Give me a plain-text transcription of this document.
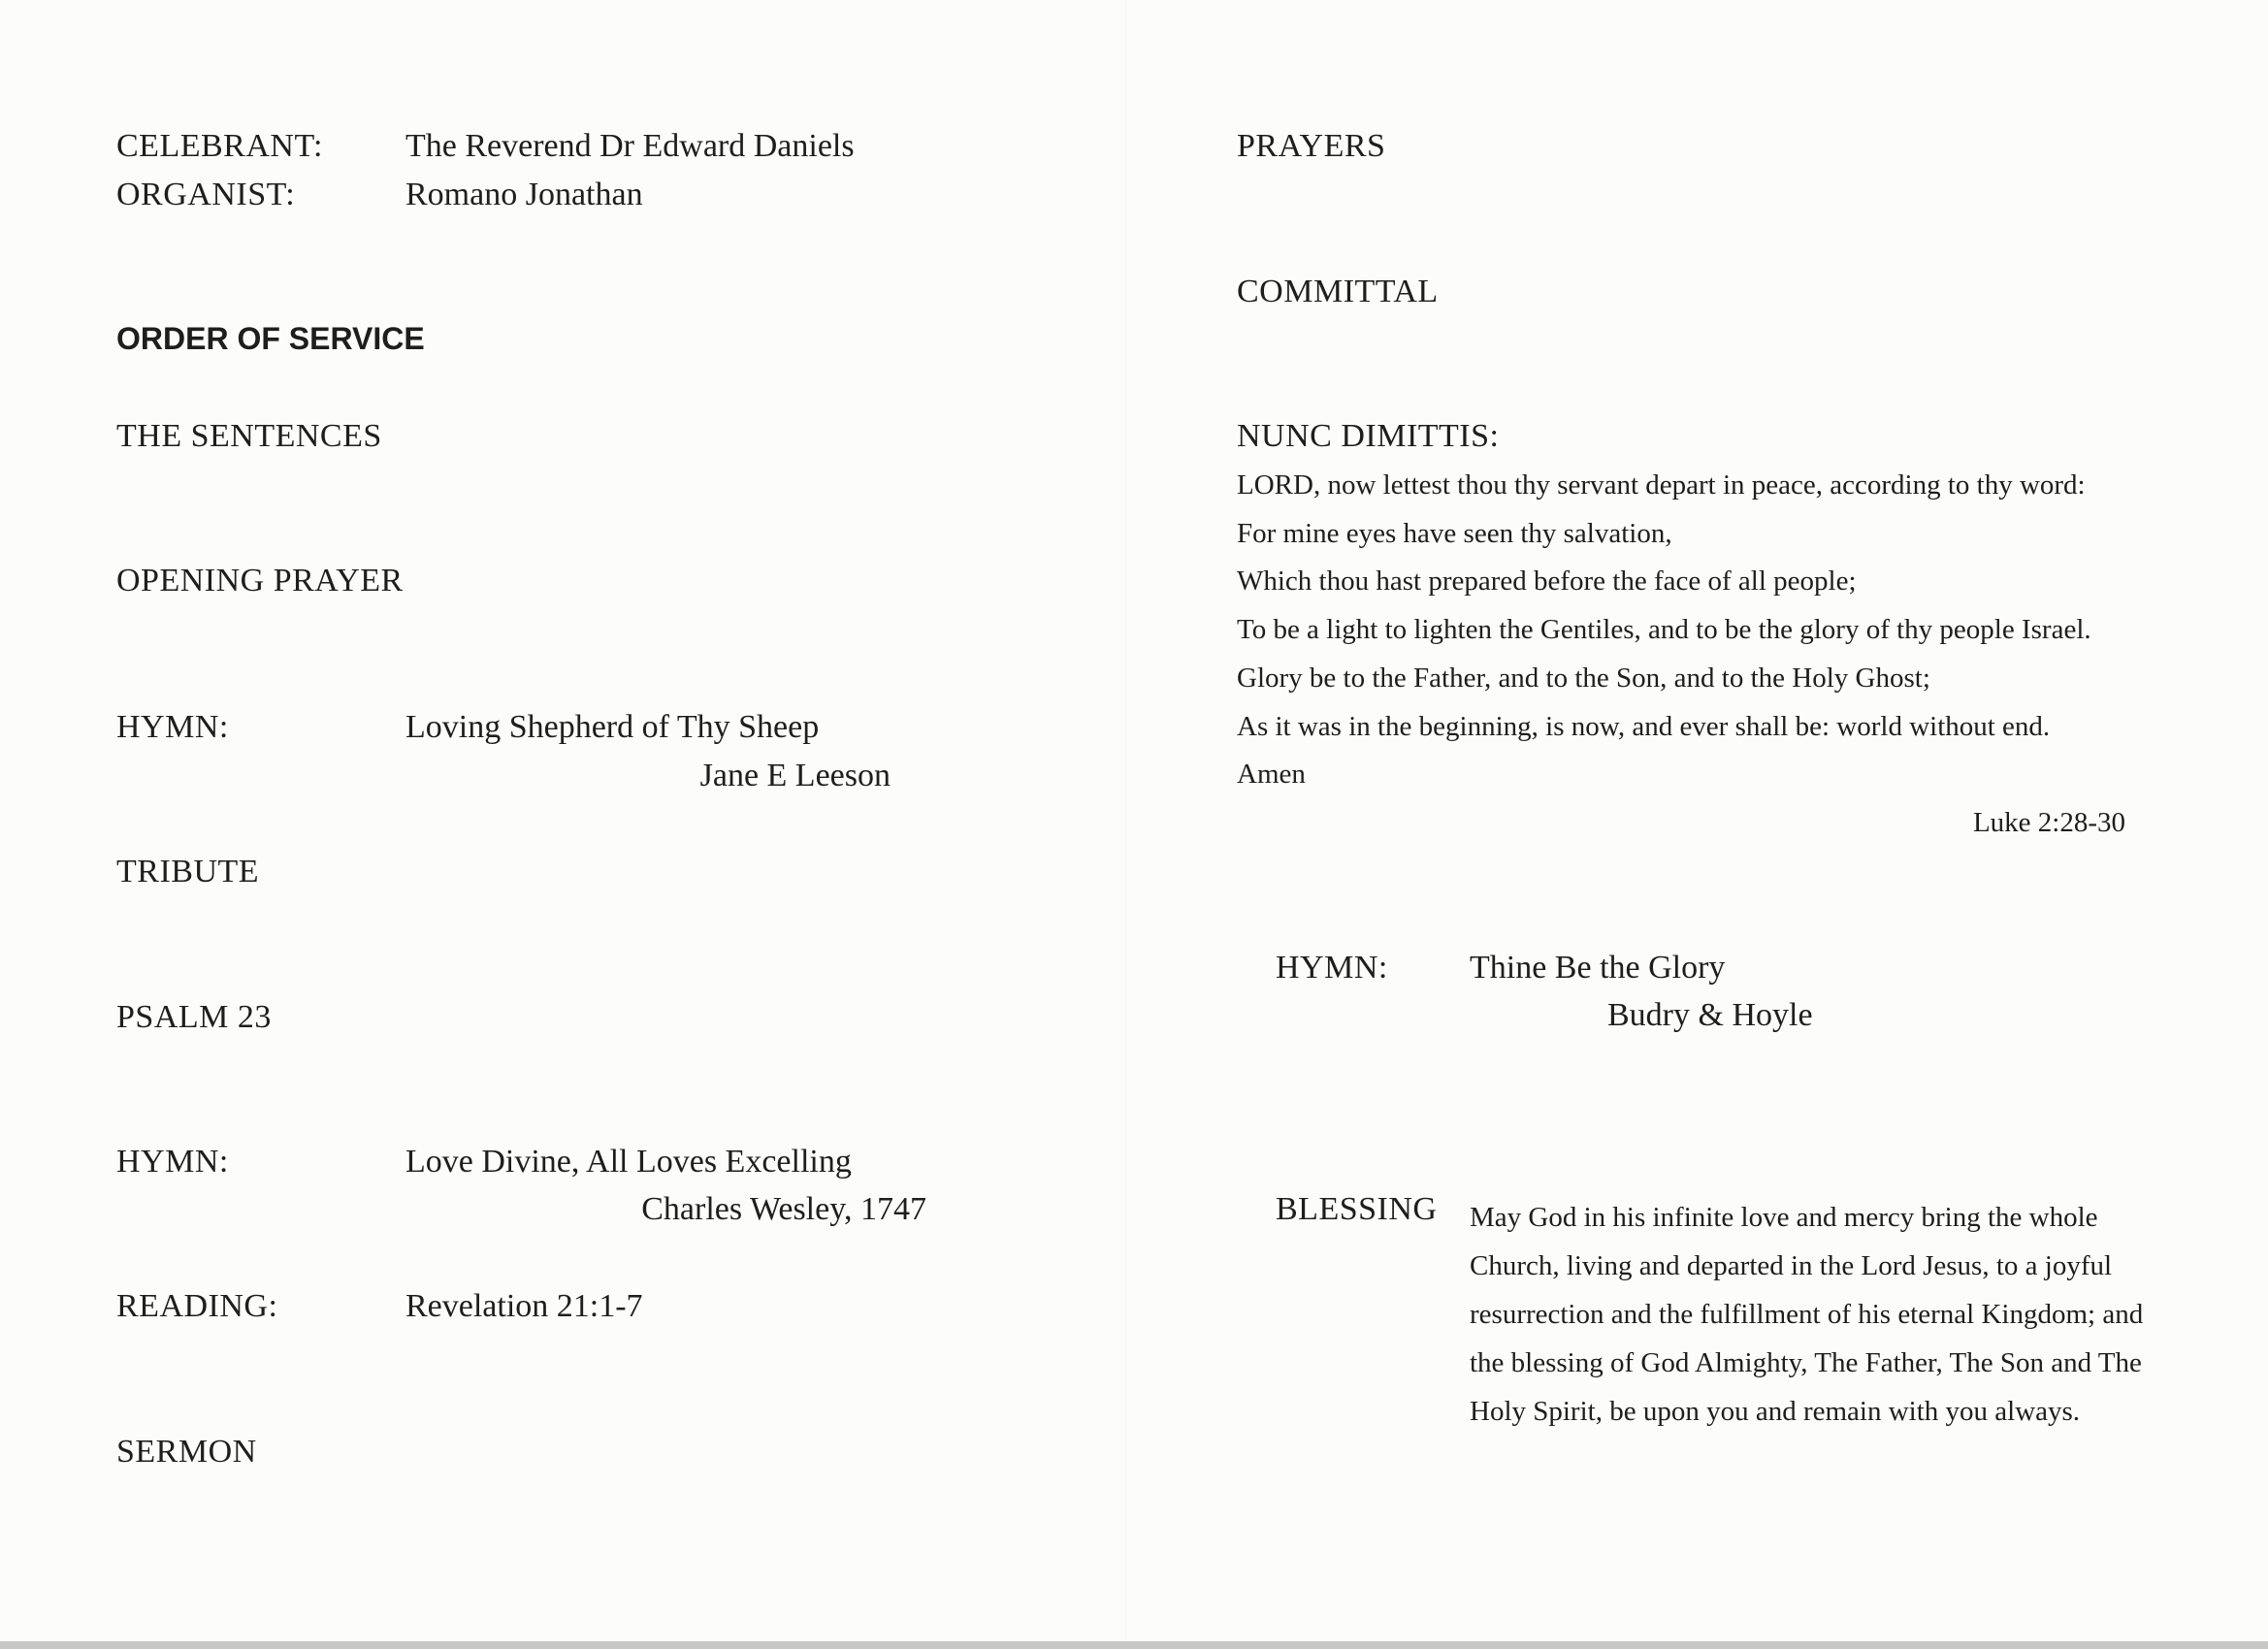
CELEBRANT:	The Reverend Dr Edward Daniels
ORGANIST:	Romano Jonathan
ORDER OF SERVICE
THE SENTENCES
OPENING PRAYER
HYMN:	Loving Shepherd of Thy Sheep
Jane E Leeson
TRIBUTE
PSALM 23
HYMN:	Love Divine, All Loves Excelling
Charles Wesley, 1747
READING:	Revelation 21:1-7
SERMON
PRAYERS
COMMITTAL
NUNC DIMITTIS:
LORD, now lettest thou thy servant depart in peace, according to thy word:
For mine eyes have seen thy salvation,
Which thou hast prepared before the face of all people;
To be a light to lighten the Gentiles, and to be the glory of thy people Israel.
Glory be to the Father, and to the Son, and to the Holy Ghost;
As it was in the beginning, is now, and ever shall be: world without end.
Amen
Luke 2:28-30
HYMN: Thine Be the Glory
Budry & Hoyle
BLESSING May God in his infinite love and mercy bring the whole Church, living and departed in the Lord Jesus, to a joyful resurrection and the fulfillment of his eternal Kingdom; and the blessing of God Almighty, The Father, The Son and The Holy Spirit, be upon you and remain with you always.
